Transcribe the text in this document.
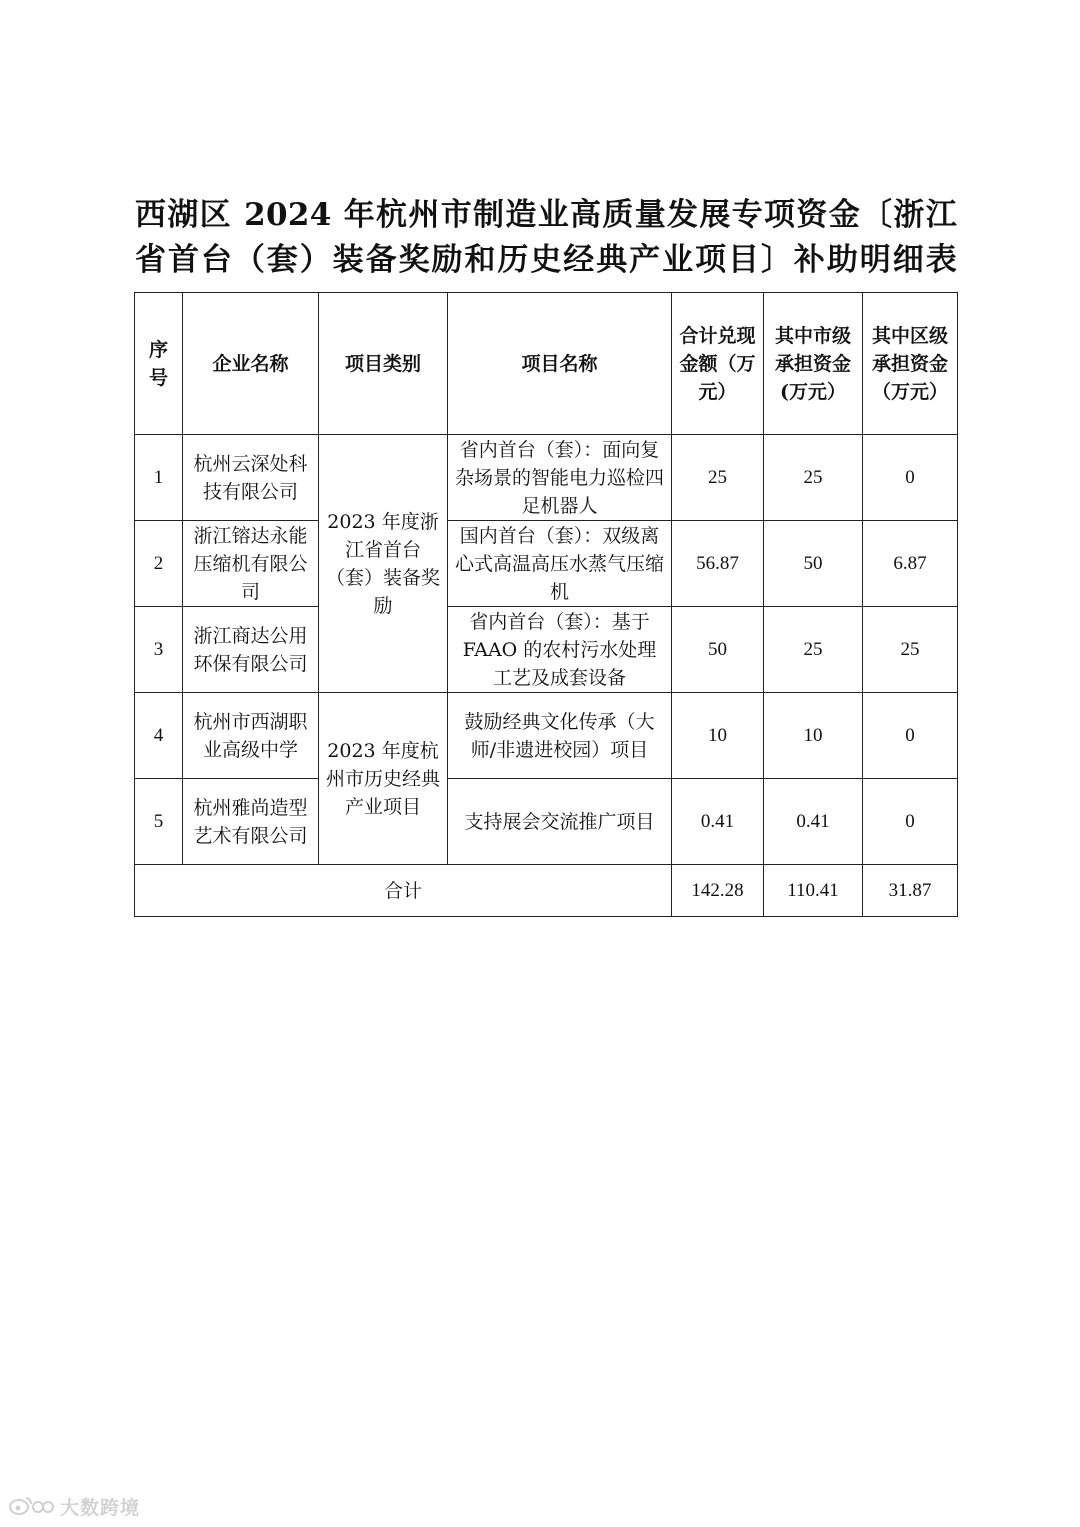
西湖区 2024 年杭州市制造业高质量发展专项资金〔浙江
省首台（套）装备奖励和历史经典产业项目〕补助明细表
序号	企业名称	项目类别	项目名称	合计兑现金额（万元）	其中市级承担资金(万元）	其中区级承担资金（万元）
1	杭州云深处科技有限公司	2023 年度浙江省首台（套）装备奖励	省内首台（套）：面向复杂场景的智能电力巡检四足机器人	25	25	0
2	浙江镕达永能压缩机有限公司		国内首台（套）：双级离心式高温高压水蒸气压缩机	56.87	50	6.87
3	浙江商达公用环保有限公司		省内首台（套）：基于FAAO 的农村污水处理工艺及成套设备	50	25	25
4	杭州市西湖职业高级中学	2023 年度杭州市历史经典产业项目	鼓励经典文化传承（大师/非遗进校园）项目	10	10	0
5	杭州雅尚造型艺术有限公司		支持展会交流推广项目	0.41	0.41	0
合计				142.28	110.41	31.87
大数跨境
